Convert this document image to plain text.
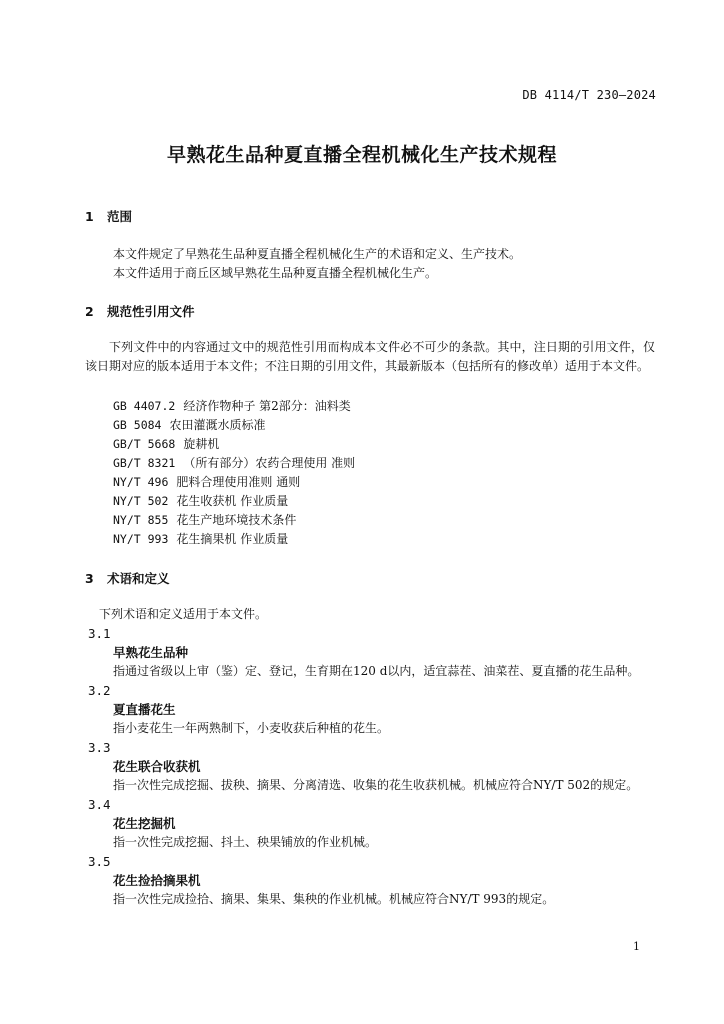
DB 4114/T 230—2024
早熟花生品种夏直播全程机械化生产技术规程
1 范围
本文件规定了早熟花生品种夏直播全程机械化生产的术语和定义、生产技术。
本文件适用于商丘区域早熟花生品种夏直播全程机械化生产。
2 规范性引用文件
下列文件中的内容通过文中的规范性引用而构成本文件必不可少的条款。其中，注日期的引用文件，仅该日期对应的版本适用于本文件；不注日期的引用文件，其最新版本（包括所有的修改单）适用于本文件。
GB 4407.2 经济作物种子 第2部分：油料类
GB 5084 农田灌溉水质标准
GB/T 5668 旋耕机
GB/T 8321 （所有部分）农药合理使用 准则
NY/T 496 肥料合理使用准则 通则
NY/T 502 花生收获机 作业质量
NY/T 855 花生产地环境技术条件
NY/T 993 花生摘果机 作业质量
3 术语和定义
下列术语和定义适用于本文件。
3.1
早熟花生品种
指通过省级以上审（鉴）定、登记，生育期在120 d以内，适宜蒜茬、油菜茬、夏直播的花生品种。
3.2
夏直播花生
指小麦花生一年两熟制下，小麦收获后种植的花生。
3.3
花生联合收获机
指一次性完成挖掘、拔秧、摘果、分离清选、收集的花生收获机械。机械应符合NY/T 502的规定。
3.4
花生挖掘机
指一次性完成挖掘、抖土、秧果铺放的作业机械。
3.5
花生捡拾摘果机
指一次性完成捡拾、摘果、集果、集秧的作业机械。机械应符合NY/T 993的规定。
1
